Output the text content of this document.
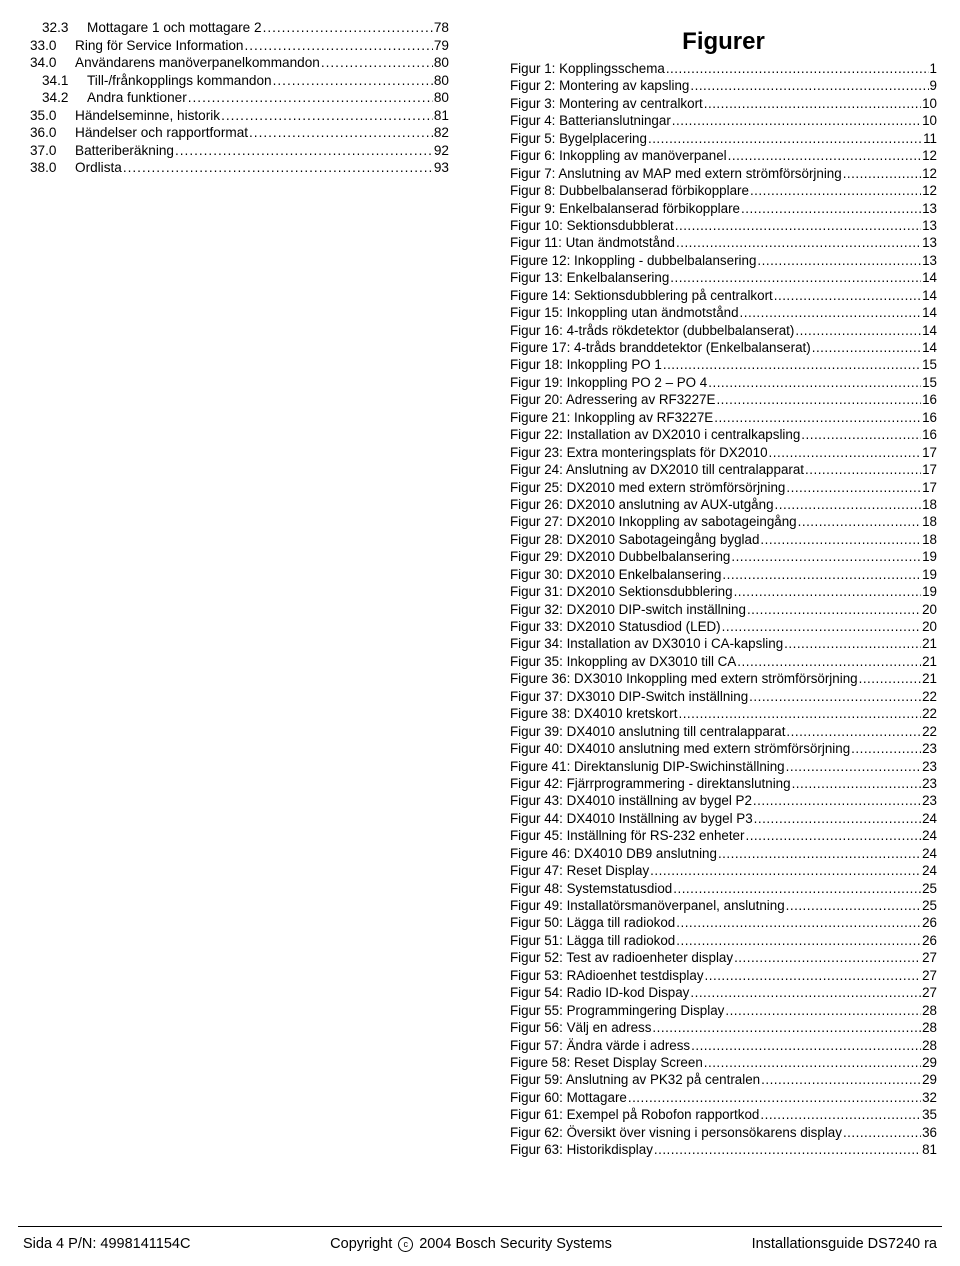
32.3	Mottagare 1 och mottagare 2 .....	78
33.0	Ring för Service Information .....	79
34.0	Användarens manöverpanelkommandon .....	80
34.1	Till-/frånkopplings kommandon .....	80
34.2	Andra funktioner .....	80
35.0	Händelseminne, historik .....	81
36.0	Händelser och rapportformat .....	82
37.0	Batteriberäkning .....	92
38.0	Ordlista .....	93
Figurer
Figur 1: Kopplingsschema .....	1
Figur 2: Montering av kapsling .....	9
Figur 3: Montering av centralkort .....	10
Figur 4: Batterianslutningar .....	10
Figur 5: Bygelplacering .....	11
Figur 6: Inkoppling av manöverpanel .....	12
Figur 7: Anslutning av MAP med extern strömförsörjning .....	12
Figur 8: Dubbelbalanserad förbikopplare .....	12
Figur 9: Enkelbalanserad förbikopplare .....	13
Figur 10: Sektionsdubblerat .....	13
Figur 11: Utan ändmotstånd .....	13
Figure 12: Inkoppling - dubbelbalansering .....	13
Figur 13: Enkelbalansering .....	14
Figure 14: Sektionsdubblering på centralkort .....	14
Figur 15: Inkoppling utan ändmotstånd .....	14
Figur 16: 4-tråds rökdetektor (dubbelbalanserat) .....	14
Figure 17: 4-tråds branddetektor (Enkelbalanserat) .....	14
Figur 18: Inkoppling PO 1 .....	15
Figur 19: Inkoppling PO 2 – PO 4 .....	15
Figur 20: Adressering av RF3227E .....	16
Figure 21: Inkoppling av RF3227E .....	16
Figur 22: Installation av DX2010 i centralkapsling .....	16
Figur 23: Extra monteringsplats för DX2010 .....	17
Figur 24: Anslutning av DX2010 till centralapparat .....	17
Figur 25: DX2010 med extern strömförsörjning .....	17
Figur 26: DX2010 anslutning av AUX-utgång .....	18
Figur 27: DX2010 Inkoppling av sabotageingång .....	18
Figur 28: DX2010 Sabotageingång byglad .....	18
Figur 29: DX2010 Dubbelbalansering .....	19
Figur 30: DX2010 Enkelbalansering .....	19
Figur 31: DX2010 Sektionsdubblering .....	19
Figur 32: DX2010 DIP-switch inställning .....	20
Figur 33: DX2010 Statusdiod (LED) .....	20
Figur 34: Installation av DX3010 i CA-kapsling .....	21
Figur 35: Inkoppling av DX3010 till CA .....	21
Figure 36: DX3010 Inkoppling med extern strömförsörjning .....	21
Figur 37: DX3010 DIP-Switch inställning .....	22
Figure 38: DX4010 kretskort .....	22
Figur 39: DX4010 anslutning till centralapparat .....	22
Figur 40: DX4010 anslutning med extern strömförsörjning .....	23
Figure 41: Direktanslunig DIP-Swichinställning .....	23
Figur 42: Fjärrprogrammering - direktanslutning .....	23
Figur 43: DX4010 inställning av bygel P2 .....	23
Figur 44: DX4010 Inställning av bygel P3 .....	24
Figur 45: Inställning för RS-232 enheter .....	24
Figure 46: DX4010 DB9 anslutning .....	24
Figur 47: Reset Display .....	24
Figur 48: Systemstatusdiod .....	25
Figur 49: Installatörsmanöverpanel, anslutning .....	25
Figur 50: Lägga till radiokod .....	26
Figur 51: Lägga till radiokod .....	26
Figur 52: Test av radioenheter display .....	27
Figur 53: RAdioenhet testdisplay .....	27
Figur 54: Radio ID-kod Dispay .....	27
Figur 55: Programmingering Display .....	28
Figur 56: Välj en adress .....	28
Figur 57: Ändra värde i adress .....	28
Figure 58: Reset Display Screen .....	29
Figur 59: Anslutning av PK32 på centralen .....	29
Figur 60: Mottagare .....	32
Figur 61: Exempel på Robofon rapportkod .....	35
Figur 62: Översikt över visning i personsökarens display .....	36
Figur 63: Historikdisplay .....	81
Sida 4 P/N: 4998141154C	Copyright	c 2004 Bosch Security Systems	Installationsguide DS7240 ra
